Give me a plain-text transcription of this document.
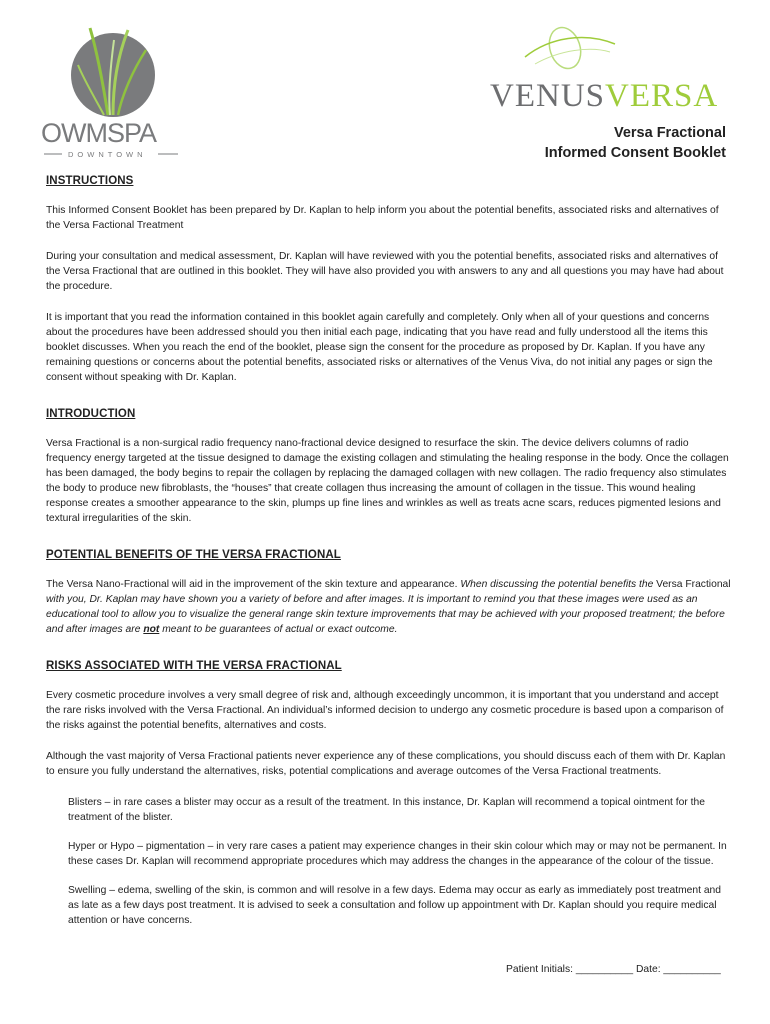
OWMSPA
DOWNTOWN
VENUSVERSA
Versa Fractional
Informed Consent Booklet
INSTRUCTIONS

This Informed Consent Booklet has been prepared by Dr. Kaplan to help inform you about the potential benefits, associated risks and alternatives of the Versa Factional Treatment

During your consultation and medical assessment, Dr. Kaplan will have reviewed with you the potential benefits, associated risks and alternatives of the Versa Fractional that are outlined in this booklet. They will have also provided you with answers to any and all questions you may have had about the procedure.

It is important that you read the information contained in this booklet again carefully and completely. Only when all of your questions and concerns about the procedures have been addressed should you then initial each page, indicating that you have read and fully understood all the items this booklet discusses. When you reach the end of the booklet, please sign the consent for the procedure as proposed by Dr. Kaplan. If you have any remaining questions or concerns about the potential benefits, associated risks or alternatives of the Venus Viva, do not initial any pages or sign the consent without speaking with Dr. Kaplan.

INTRODUCTION

Versa Fractional is a non-surgical radio frequency nano-fractional device designed to resurface the skin. The device delivers columns of radio frequency energy targeted at the tissue designed to damage the existing collagen and stimulating the healing response in the body. Once the collagen has been damaged, the body begins to repair the collagen by replacing the damaged collagen with new collagen. The radio frequency also stimulates the body to produce new fibroblasts, the “houses” that create collagen thus increasing the amount of collagen in the tissue. This wound healing response creates a smoother appearance to the skin, plumps up fine lines and wrinkles as well as treats acne scars, reduces pigmented lesions and textural irregularities of the skin.

POTENTIAL BENEFITS OF THE VERSA FRACTIONAL

The Versa Nano-Fractional will aid in the improvement of the skin texture and appearance. When discussing the potential benefits the Versa Fractional with you, Dr. Kaplan may have shown you a variety of before and after images. It is important to remind you that these images were used as an educational tool to allow you to visualize the general range skin texture improvements that may be achieved with your proposed treatment; the before and after images are not meant to be guarantees of actual or exact outcome.

RISKS ASSOCIATED WITH THE VERSA FRACTIONAL

Every cosmetic procedure involves a very small degree of risk and, although exceedingly uncommon, it is important that you understand and accept the rare risks involved with the Versa Fractional. An individual’s informed decision to undergo any cosmetic procedure is based upon a comparison of the risks against the potential benefits, alternatives and costs.

Although the vast majority of Versa Fractional patients never experience any of these complications, you should discuss each of them with Dr. Kaplan to ensure you fully understand the alternatives, risks, potential complications and average outcomes of the Versa Fractional treatments.

Blisters – in rare cases a blister may occur as a result of the treatment. In this instance, Dr. Kaplan will recommend a topical ointment for the treatment of the blister.

Hyper or Hypo – pigmentation – in very rare cases a patient may experience changes in their skin colour which may or may not be permanent. In these cases Dr. Kaplan will recommend appropriate procedures which may address the changes in the appearance of the colour of the tissue.

Swelling – edema, swelling of the skin, is common and will resolve in a few days. Edema may occur as early as immediately post treatment and as late as a few days post treatment. It is advised to seek a consultation and follow up appointment with Dr. Kaplan should you require medical attention or have concerns.

Patient Initials: __________ Date: __________
